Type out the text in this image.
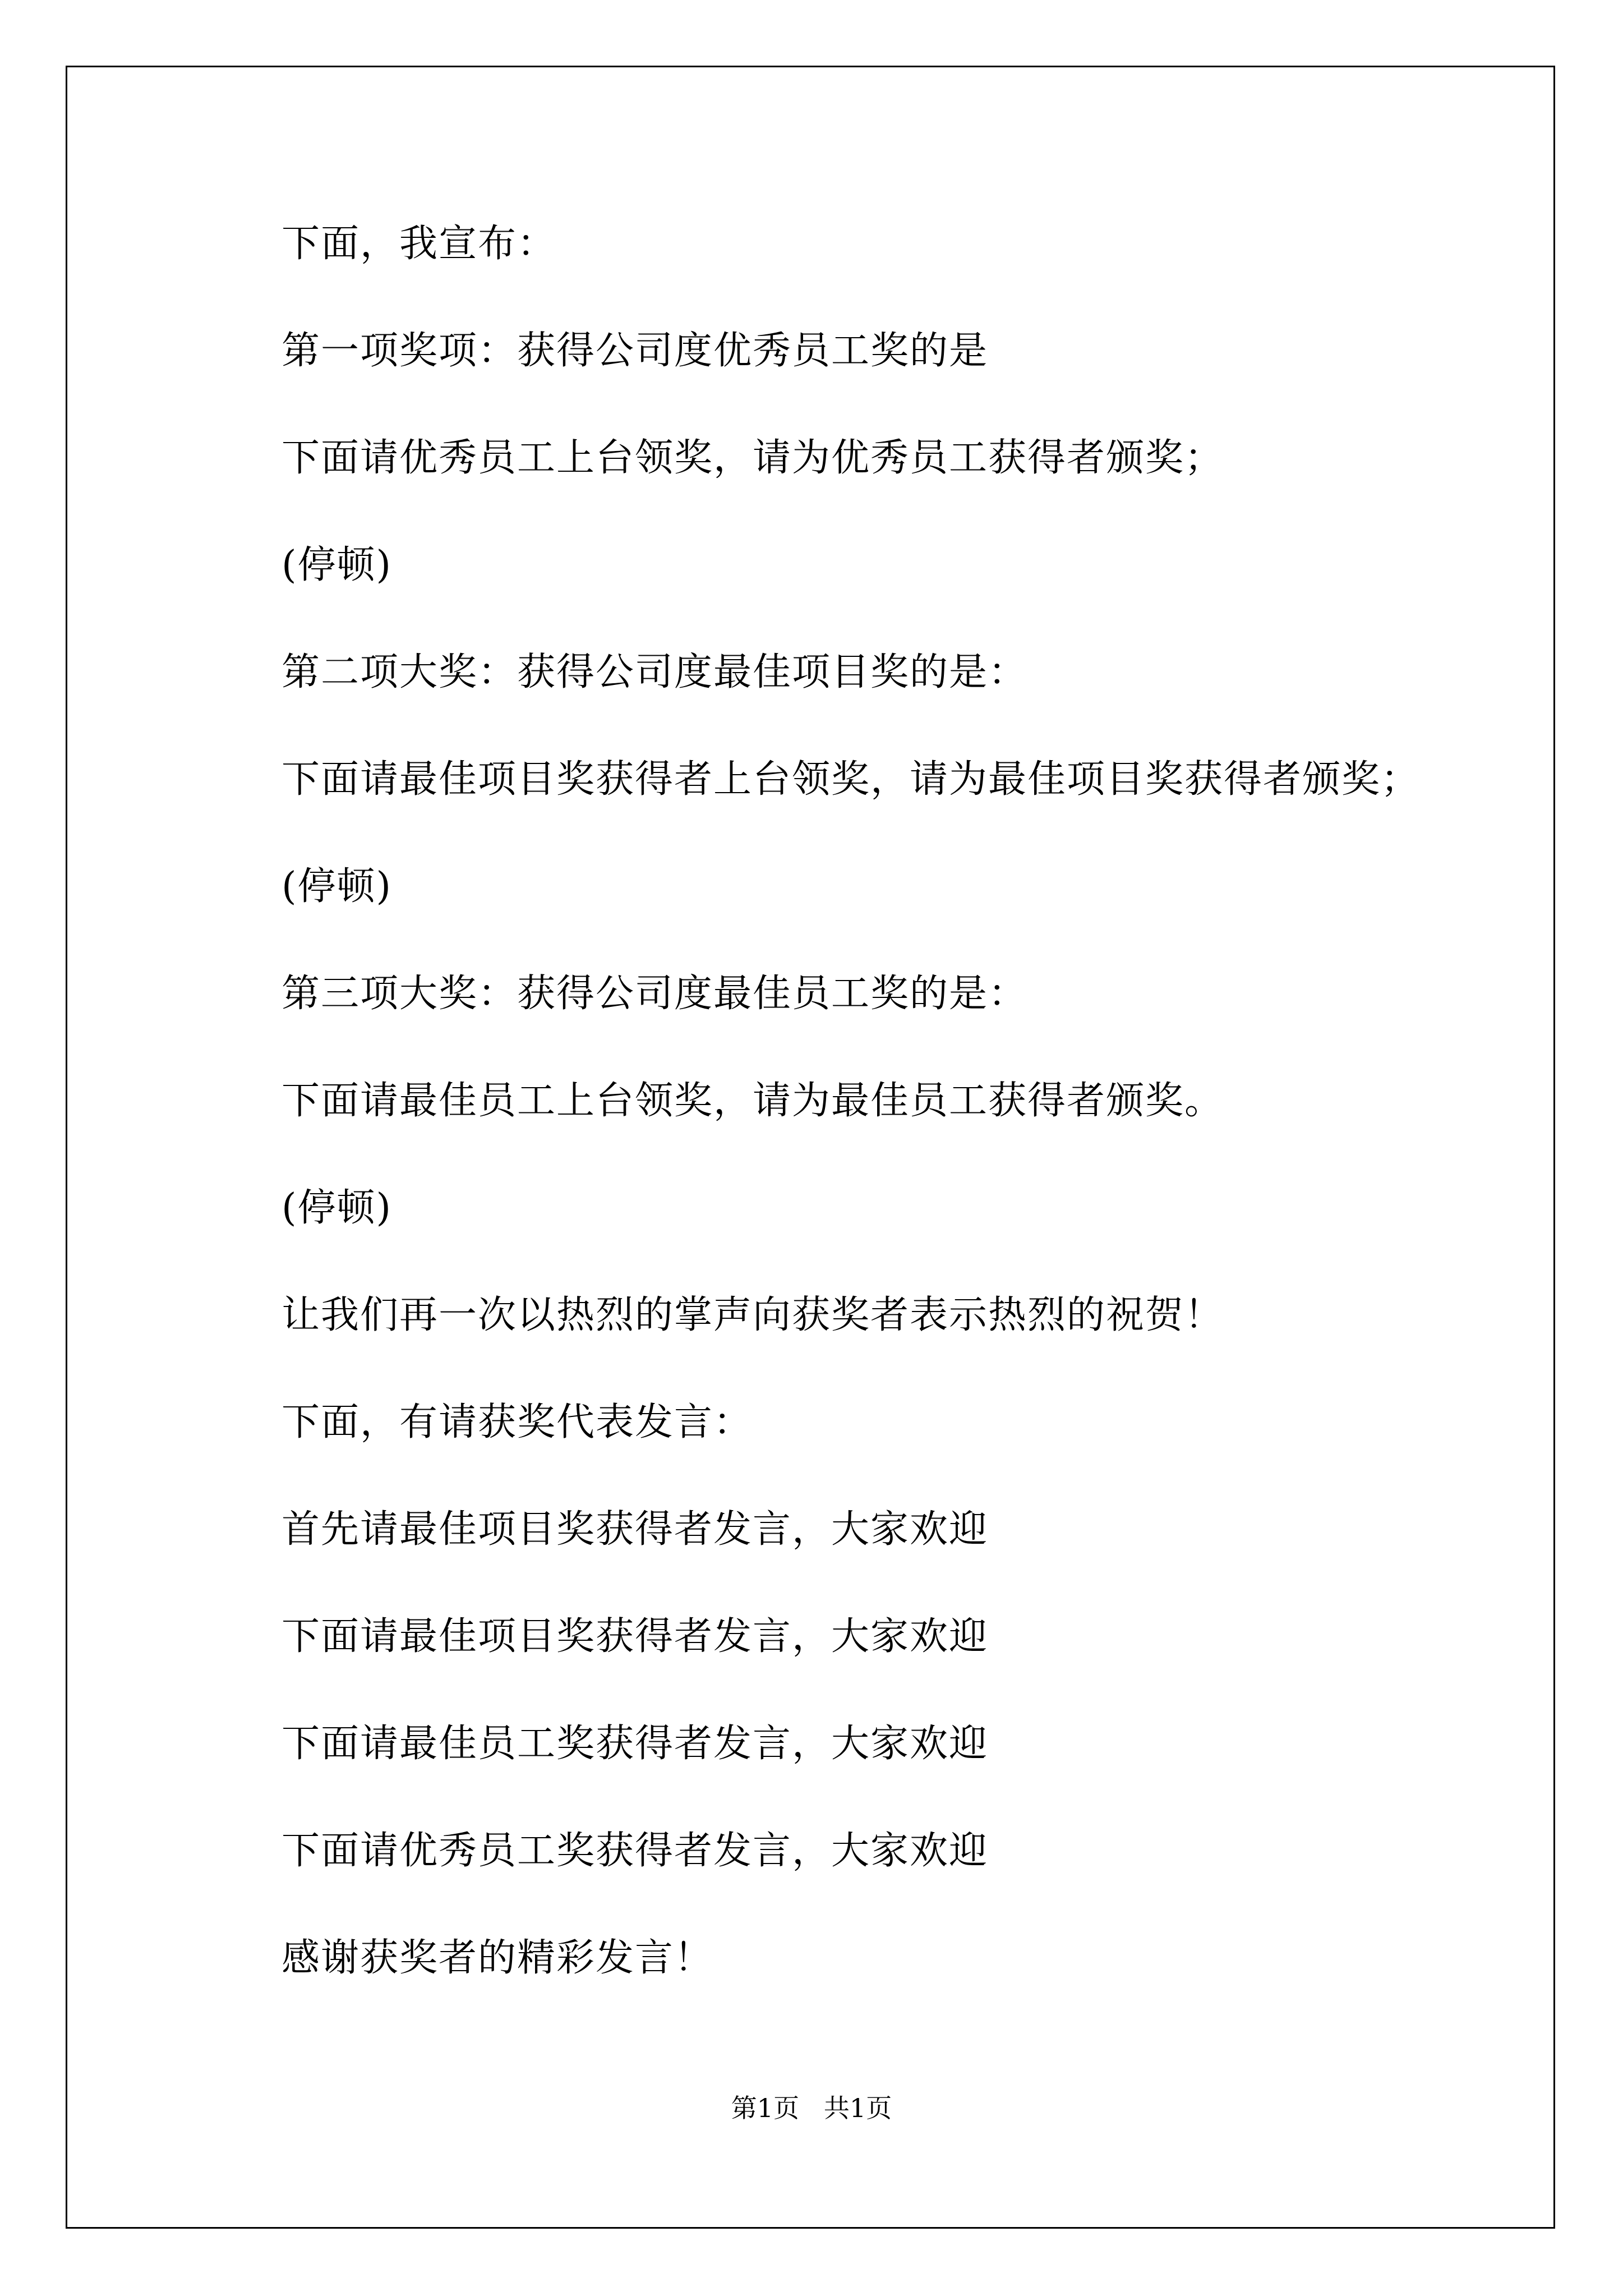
下面，我宣布：
第一项奖项：获得公司度优秀员工奖的是
下面请优秀员工上台领奖，请为优秀员工获得者颁奖；
(停顿)
第二项大奖：获得公司度最佳项目奖的是：
下面请最佳项目奖获得者上台领奖，请为最佳项目奖获得者颁奖；
(停顿)
第三项大奖：获得公司度最佳员工奖的是：
下面请最佳员工上台领奖，请为最佳员工获得者颁奖。
(停顿)
让我们再一次以热烈的掌声向获奖者表示热烈的祝贺！
下面，有请获奖代表发言：
首先请最佳项目奖获得者发言，大家欢迎
下面请最佳项目奖获得者发言，大家欢迎
下面请最佳员工奖获得者发言，大家欢迎
下面请优秀员工奖获得者发言，大家欢迎
感谢获奖者的精彩发言！
第1页   共1页
